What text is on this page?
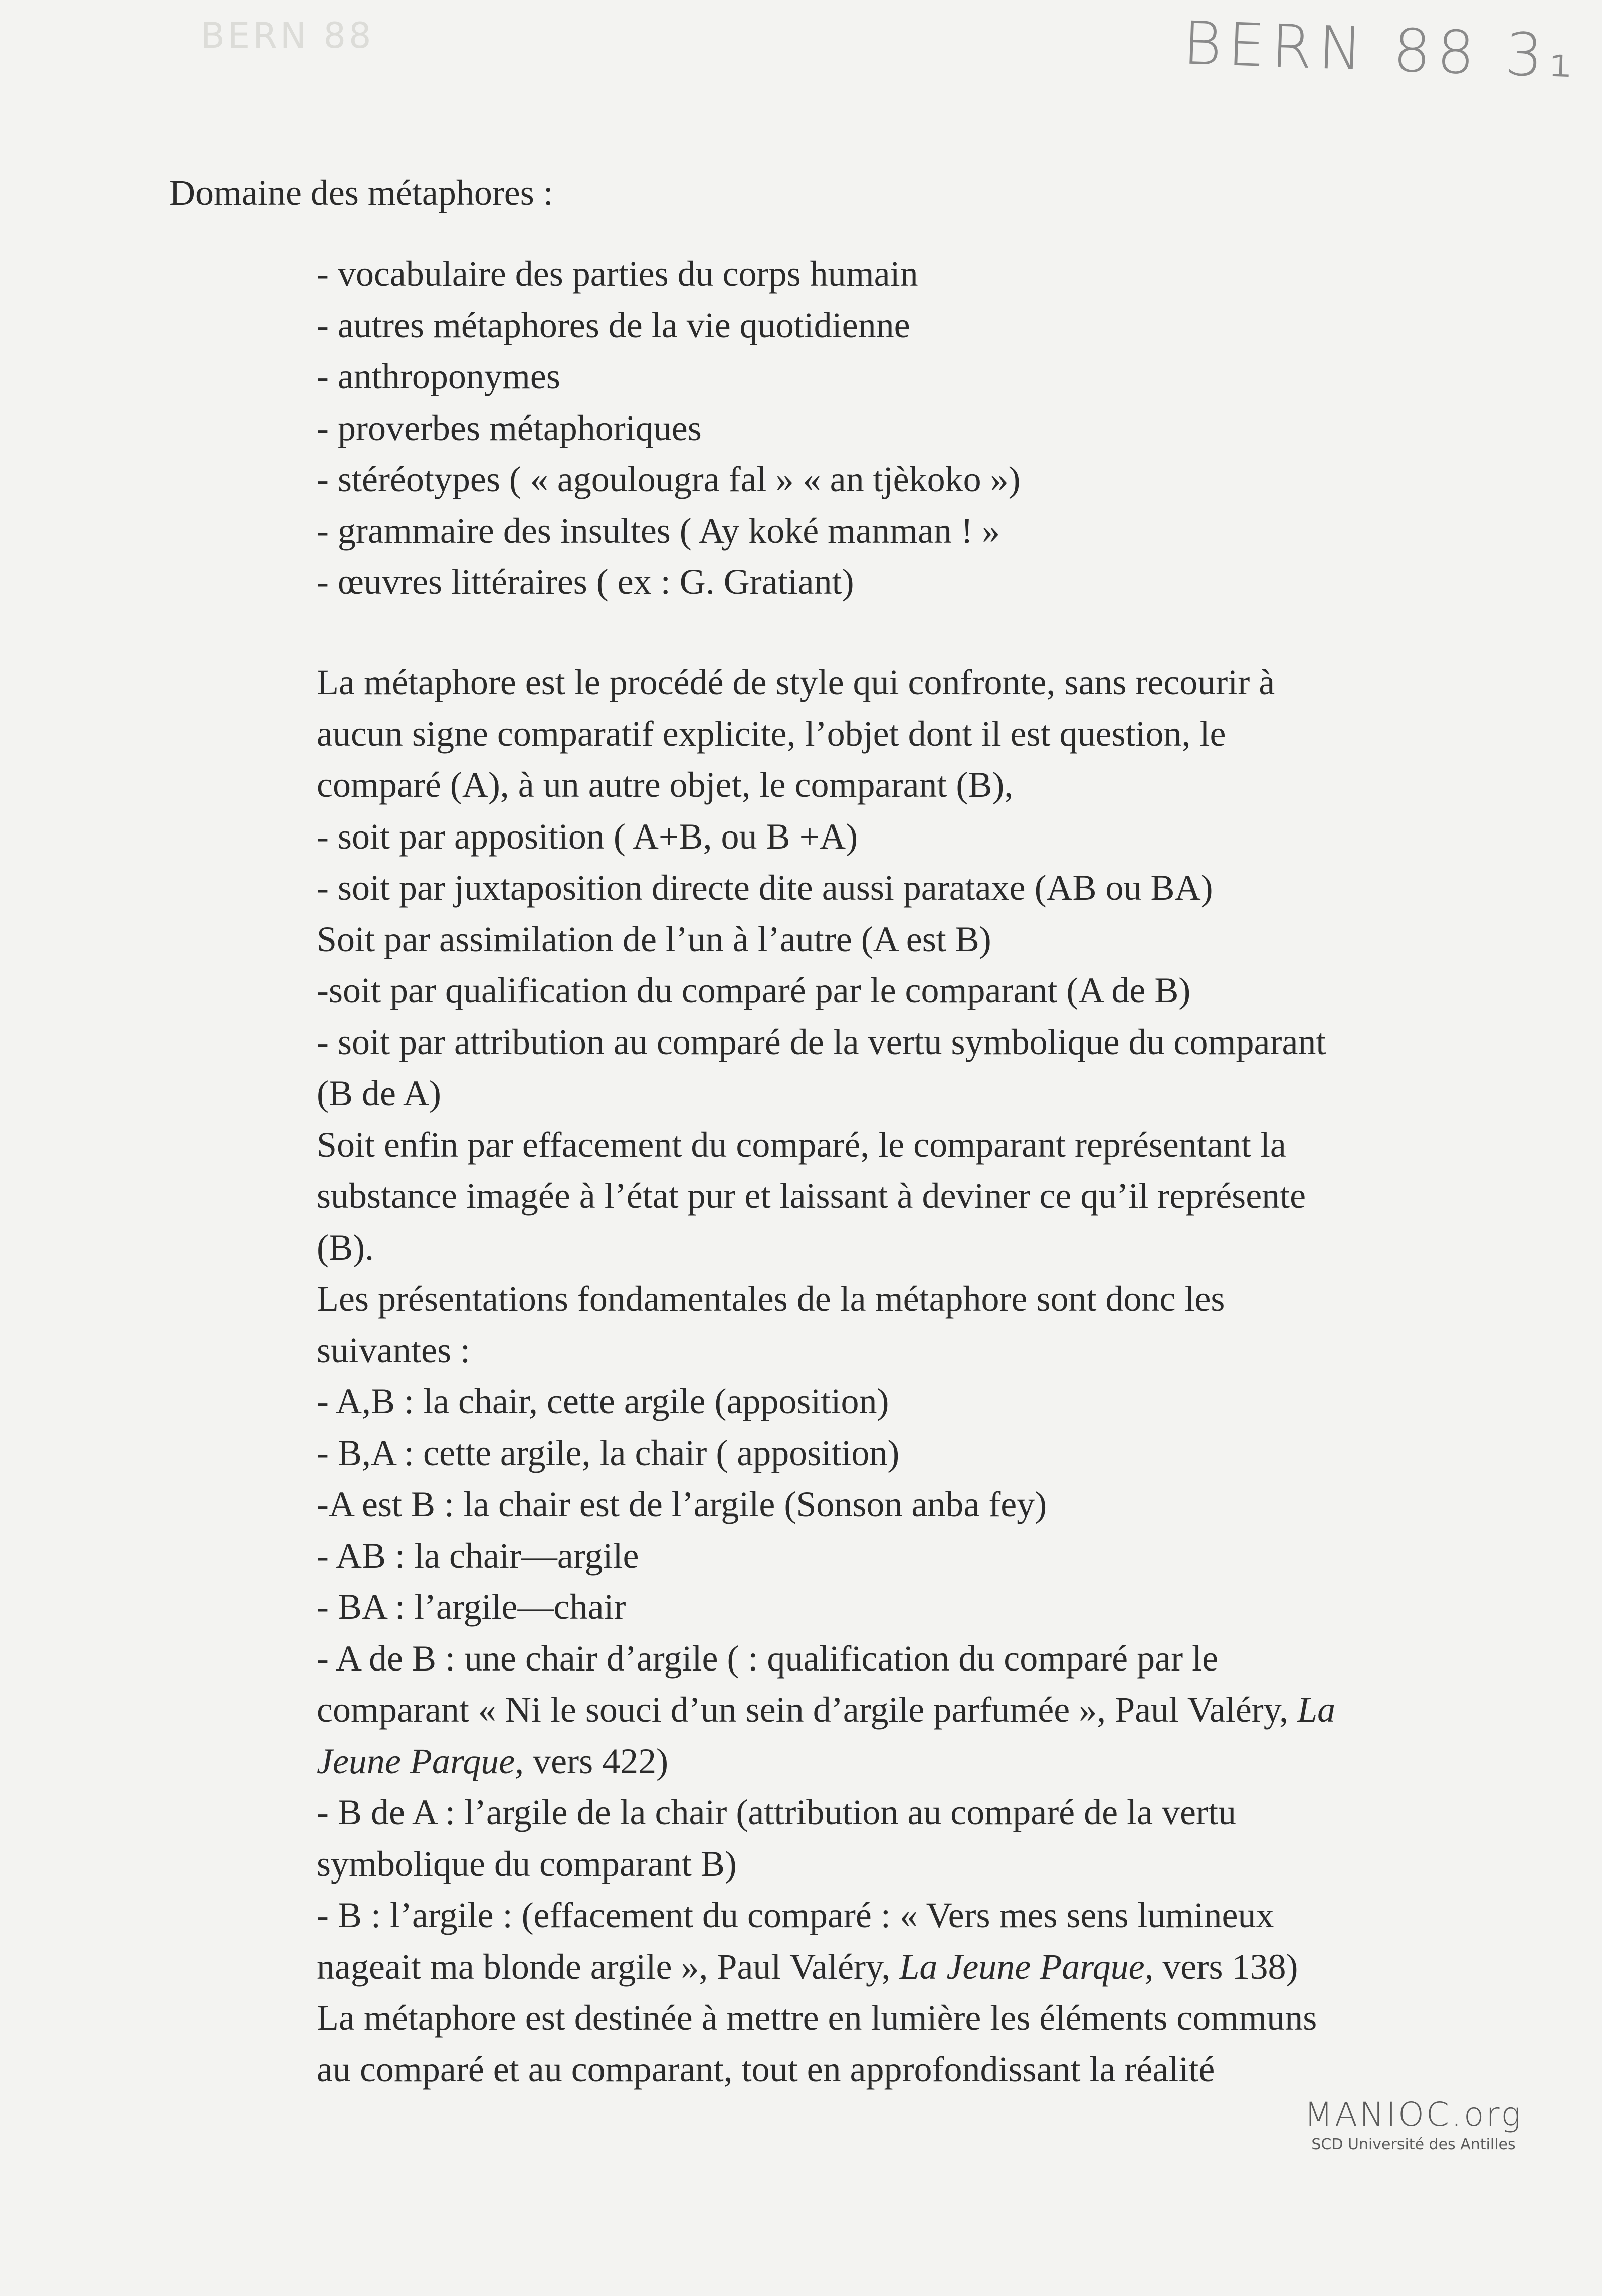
BERN 88	BERN 88 3₁
Domaine des métaphores :
- vocabulaire des parties du corps humain
- autres métaphores de la vie quotidienne
- anthroponymes
- proverbes métaphoriques
- stéréotypes ( « agoulougra fal » « an tjèkoko »)
- grammaire des insultes ( Ay koké manman ! »
- œuvres littéraires ( ex : G. Gratiant)
La métaphore est le procédé de style qui confronte, sans recourir à
aucun signe comparatif explicite, l’objet dont il est question, le
comparé (A), à un autre objet, le comparant (B),
- soit par apposition ( A+B, ou B +A)
- soit par juxtaposition directe dite aussi parataxe (AB ou BA)
Soit par assimilation de l’un à l’autre (A est B)
-soit par qualification du comparé par le comparant (A de B)
- soit par attribution au comparé de la vertu symbolique du comparant
(B de A)
Soit enfin par effacement du comparé, le comparant représentant la
substance imagée à l’état pur et laissant à deviner ce qu’il représente
(B).
Les présentations fondamentales de la métaphore sont donc les
suivantes :
- A,B : la chair, cette argile (apposition)
- B,A : cette argile, la chair ( apposition)
-A est B : la chair est de l’argile (Sonson anba fey)
- AB : la chair—argile
- BA : l’argile—chair
- A de B : une chair d’argile ( : qualification du comparé par le
comparant « Ni le souci d’un sein d’argile parfumée », Paul Valéry, La
Jeune Parque, vers 422)
- B de A : l’argile de la chair (attribution au comparé de la vertu
symbolique du comparant B)
- B : l’argile : (effacement du comparé : « Vers mes sens lumineux
nageait ma blonde argile », Paul Valéry, La Jeune Parque, vers 138)
La métaphore est destinée à mettre en lumière les éléments communs
au comparé et au comparant, tout en approfondissant la réalité
MANIOC.org
SCD Université des Antilles
